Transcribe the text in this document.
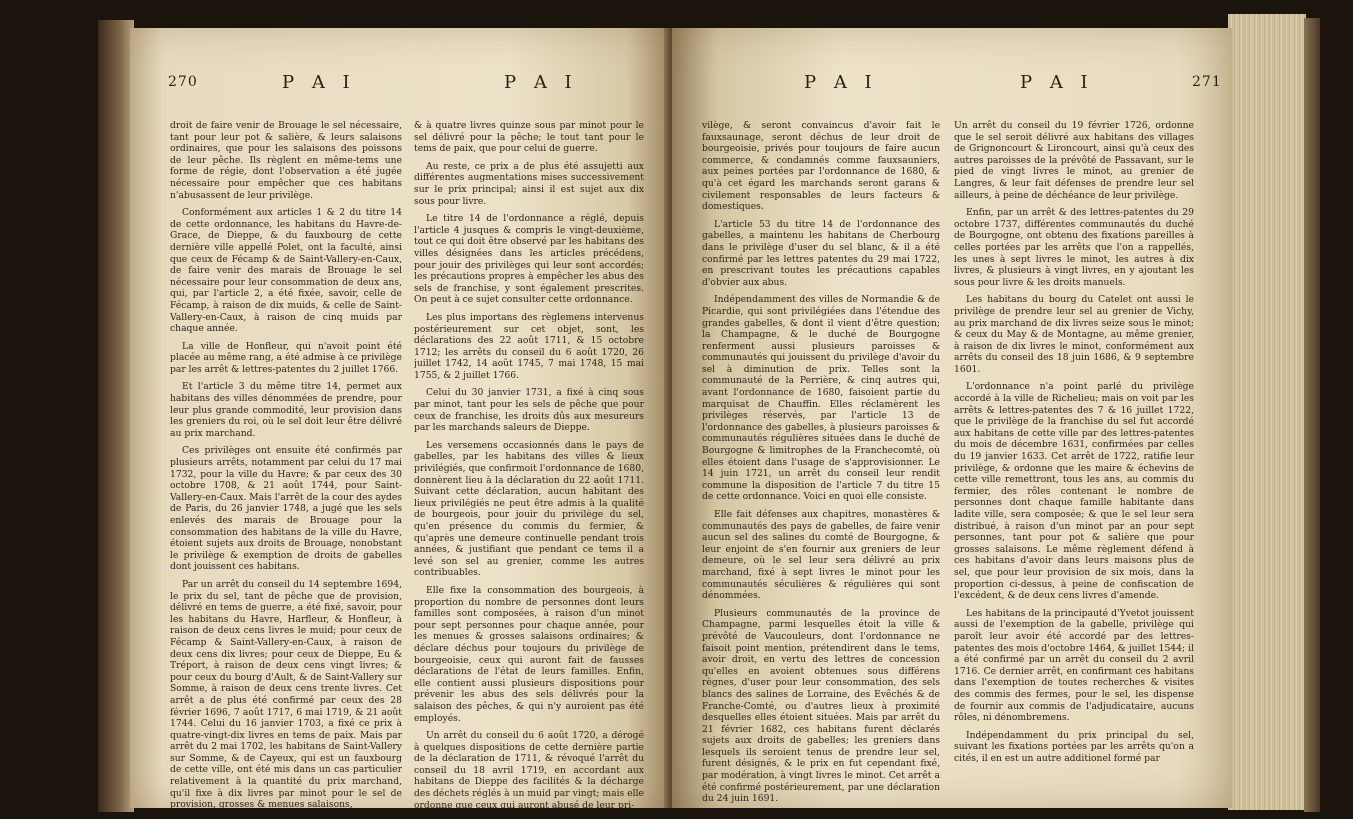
270	P A I	P A I

droit de faire venir de Brouage le sel nécessaire, tant pour leur pot & salière, & leurs salaisons ordinaires, que pour les salaisons des poissons de leur pêche. Ils règlent en même-tems une forme de régie, dont l'observation a été jugée nécessaire pour empêcher que ces habitans n'abusassent de leur privilège.

Conformément aux articles 1 & 2 du titre 14 de cette ordonnance, les habitans du Havre-de-Grace, de Dieppe, & du fauxbourg de cette dernière ville appellé Polet, ont la faculté, ainsi que ceux de Fécamp & de Saint-Vallery-en-Caux, de faire venir des marais de Brouage le sel nécessaire pour leur consommation de deux ans, qui, par l'article 2, a été fixée, savoir, celle de Fécamp, à raison de dix muids, & celle de Saint-Vallery-en-Caux, à raison de cinq muids par chaque année.

La ville de Honfleur, qui n'avoit point été placée au même rang, a été admise à ce privilège par les arrêt & lettres-patentes du 2 juillet 1766.

Et l'article 3 du même titre 14, permet aux habitans des villes dénommées de prendre, pour leur plus grande commodité, leur provision dans les greniers du roi, où le sel doit leur être délivré au prix marchand.

Ces privilèges ont ensuite été confirmés par plusieurs arrêts, notamment par celui du 17 mai 1732, pour la ville du Havre; & par ceux des 30 octobre 1708, & 21 août 1744, pour Saint-Vallery-en-Caux. Mais l'arrêt de la cour des aydes de Paris, du 26 janvier 1748, a jugé que les sels enlevés des marais de Brouage pour la consommation des habitans de la ville du Havre, étoient sujets aux droits de Brouage, nonobstant le privilège & exemption de droits de gabelles dont jouissent ces habitans.

Par un arrêt du conseil du 14 septembre 1694, le prix du sel, tant de pêche que de provision, délivré en tems de guerre, a été fixé, savoir, pour les habitans du Havre, Harfleur, & Honfleur, à raison de deux cens livres le muid; pour ceux de Fécamp & Saint-Vallery-en-Caux, à raison de deux cens dix livres; pour ceux de Dieppe, Eu & Tréport, à raison de deux cens vingt livres; & pour ceux du bourg d'Ault, & de Saint-Vallery sur Somme, à raison de deux cens trente livres. Cet arrêt a de plus été confirmé par ceux des 28 février 1696, 7 août 1717, 6 mai 1719, & 21 août 1744. Celui du 16 janvier 1703, a fixé ce prix à quatre-vingt-dix livres en tems de paix. Mais par arrêt du 2 mai 1702, les habitans de Saint-Vallery sur Somme, & de Cayeux, qui est un fauxbourg de cette ville, ont été mis dans un cas particulier relativement à la quantité du prix marchand, qu'il fixe à dix livres par minot pour le sel de provision, grosses & menues salaisons,

& à quatre livres quinze sous par minot pour le sel délivré pour la pêche; le tout tant pour le tems de paix, que pour celui de guerre.

Au reste, ce prix a de plus été assujetti aux différentes augmentations mises successivement sur le prix principal; ainsi il est sujet aux dix sous pour livre.

Le titre 14 de l'ordonnance a réglé, depuis l'article 4 jusques & compris le vingt-deuxième, tout ce qui doit être observé par les habitans des villes désignées dans les articles précédens, pour jouir des privilèges qui leur sont accordés; les précautions propres à empêcher les abus des sels de franchise, y sont également prescrites. On peut à ce sujet consulter cette ordonnance.

Les plus importans des règlemens intervenus postérieurement sur cet objet, sont, les déclarations des 22 août 1711, & 15 octobre 1712; les arrêts du conseil du 6 août 1720, 26 juillet 1742, 14 août 1745, 7 mai 1748, 15 mai 1755, & 2 juillet 1766.

Celui du 30 janvier 1731, a fixé à cinq sous par minot, tant pour les sels de pêche que pour ceux de franchise, les droits dûs aux mesureurs par les marchands saleurs de Dieppe.

Les versemens occasionnés dans le pays de gabelles, par les habitans des villes & lieux privilégiés, que confirmoit l'ordonnance de 1680, donnèrent lieu à la déclaration du 22 août 1711. Suivant cette déclaration, aucun habitant des lieux privilégiés ne peut être admis à la qualité de bourgeois, pour jouir du privilège du sel, qu'en présence du commis du fermier, & qu'après une demeure continuelle pendant trois années, & justifiant que pendant ce tems il a levé son sel au grenier, comme les autres contribuables.

Elle fixe la consommation des bourgeois, à proportion du nombre de personnes dont leurs familles sont composées, à raison d'un minot pour sept personnes pour chaque année, pour les menues & grosses salaisons ordinaires; & déclare déchus pour toujours du privilège de bourgeoisie, ceux qui auront fait de fausses déclarations de l'état de leurs familles. Enfin, elle contient aussi plusieurs dispositions pour prévenir les abus des sels délivrés pour la salaison des pêches, & qui n'y auroient pas été employés.

Un arrêt du conseil du 6 août 1720, a dérogé à quelques dispositions de cette dernière partie de la déclaration de 1711, & révoqué l'arrêt du conseil du 18 avril 1719, en accordant aux habitans de Dieppe des facilités & la décharge des déchets réglés à un muid par vingt; mais elle ordonne que ceux qui auront abusé de leur pri-

P A I	P A I	271

vilège, & seront convaincus d'avoir fait le fauxsaunage, seront déchus de leur droit de bourgeoisie, privés pour toujours de faire aucun commerce, & condamnés comme fauxsauniers, aux peines portées par l'ordonnance de 1680, & qu'à cet égard les marchands seront garans & civilement responsables de leurs facteurs & domestiques.

L'article 53 du titre 14 de l'ordonnance des gabelles, a maintenu les habitans de Cherbourg dans le privilège d'user du sel blanc, & il a été confirmé par les lettres patentes du 29 mai 1722, en prescrivant toutes les précautions capables d'obvier aux abus.

Indépendamment des villes de Normandie & de Picardie, qui sont privilégiées dans l'étendue des grandes gabelles, & dont il vient d'être question; la Champagne, & le duché de Bourgogne renferment aussi plusieurs paroisses & communautés qui jouissent du privilège d'avoir du sel à diminution de prix. Telles sont la communauté de la Perrière, & cinq autres qui, avant l'ordonnance de 1680, faisoient partie du marquisat de Chauffin. Elles réclamèrent les privilèges réservés, par l'article 13 de l'ordonnance des gabelles, à plusieurs paroisses & communautés régulières situées dans le duché de Bourgogne & limitrophes de la Franchecomté, où elles étoient dans l'usage de s'approvisionner. Le 14 juin 1721, un arrêt du conseil leur rendit commune la disposition de l'article 7 du titre 15 de cette ordonnance. Voici en quoi elle consiste.

Elle fait défenses aux chapitres, monastères & communautés des pays de gabelles, de faire venir aucun sel des salines du comté de Bourgogne, & leur enjoint de s'en fournir aux greniers de leur demeure, où le sel leur sera délivré au prix marchand, fixé à sept livres le minot pour les communautés séculières & régulières qui sont dénommées.

Plusieurs communautés de la province de Champagne, parmi lesquelles étoit la ville & prévôté de Vaucouleurs, dont l'ordonnance ne faisoit point mention, prétendirent dans le tems, avoir droit, en vertu des lettres de concession qu'elles en avoient obtenues sous différens règnes, d'user pour leur consommation, des sels blancs des salines de Lorraine, des Evêchés & de Franche-Comté, ou d'autres lieux à proximité desquelles elles étoient situées. Mais par arrêt du 21 février 1682, ces habitans furent déclarés sujets aux droits de gabelles; les greniers dans lesquels ils seroient tenus de prendre leur sel, furent désignés, & le prix en fut cependant fixé, par modération, à vingt livres le minot. Cet arrêt a été confirmé postérieurement, par une déclaration du 24 juin 1691.

Un arrêt du conseil du 19 février 1726, ordonne que le sel seroit délivré aux habitans des villages de Grignoncourt & Lironcourt, ainsi qu'à ceux des autres paroisses de la prévôté de Passavant, sur le pied de vingt livres le minot, au grenier de Langres, & leur fait défenses de prendre leur sel ailleurs, à peine de déchéance de leur privilège.

Enfin, par un arrêt & des lettres-patentes du 29 octobre 1737, différentes communautés du duché de Bourgogne, ont obtenu des fixations pareilles à celles portées par les arrêts que l'on a rappellés, les unes à sept livres le minot, les autres à dix livres, & plusieurs à vingt livres, en y ajoutant les sous pour livre & les droits manuels.

Les habitans du bourg du Catelet ont aussi le privilège de prendre leur sel au grenier de Vichy, au prix marchand de dix livres seize sous le minot; & ceux du May & de Montagne, au même grenier, à raison de dix livres le minot, conformément aux arrêts du conseil des 18 juin 1686, & 9 septembre 1601.

L'ordonnance n'a point parlé du privilège accordé à la ville de Richelieu; mais on voit par les arrêts & lettres-patentes des 7 & 16 juillet 1722, que le privilège de la franchise du sel fut accordé aux habitans de cette ville par des lettres-patentes du mois de décembre 1631, confirmées par celles du 19 janvier 1633. Cet arrêt de 1722, ratifie leur privilège, & ordonne que les maire & échevins de cette ville remettront, tous les ans, au commis du fermier, des rôles contenant le nombre de personnes dont chaque famille habitante dans ladite ville, sera composée; & que le sel leur sera distribué, à raison d'un minot par an pour sept personnes, tant pour pot & salière que pour grosses salaisons. Le même règlement défend à ces habitans d'avoir dans leurs maisons plus de sel, que pour leur provision de six mois, dans la proportion ci-dessus, à peine de confiscation de l'excédent, & de deux cens livres d'amende.

Les habitans de la principauté d'Yvetot jouissent aussi de l'exemption de la gabelle, privilège qui paroît leur avoir été accordé par des lettres-patentes des mois d'octobre 1464, & juillet 1544; il a été confirmé par un arrêt du conseil du 2 avril 1716. Ce dernier arrêt, en confirmant ces habitans dans l'exemption de toutes recherches & visites des commis des fermes, pour le sel, les dispense de fournir aux commis de l'adjudicataire, aucuns rôles, ni dénombremens.

Indépendamment du prix principal du sel, suivant les fixations portées par les arrêts qu'on a cités, il en est un autre additionel formé par
